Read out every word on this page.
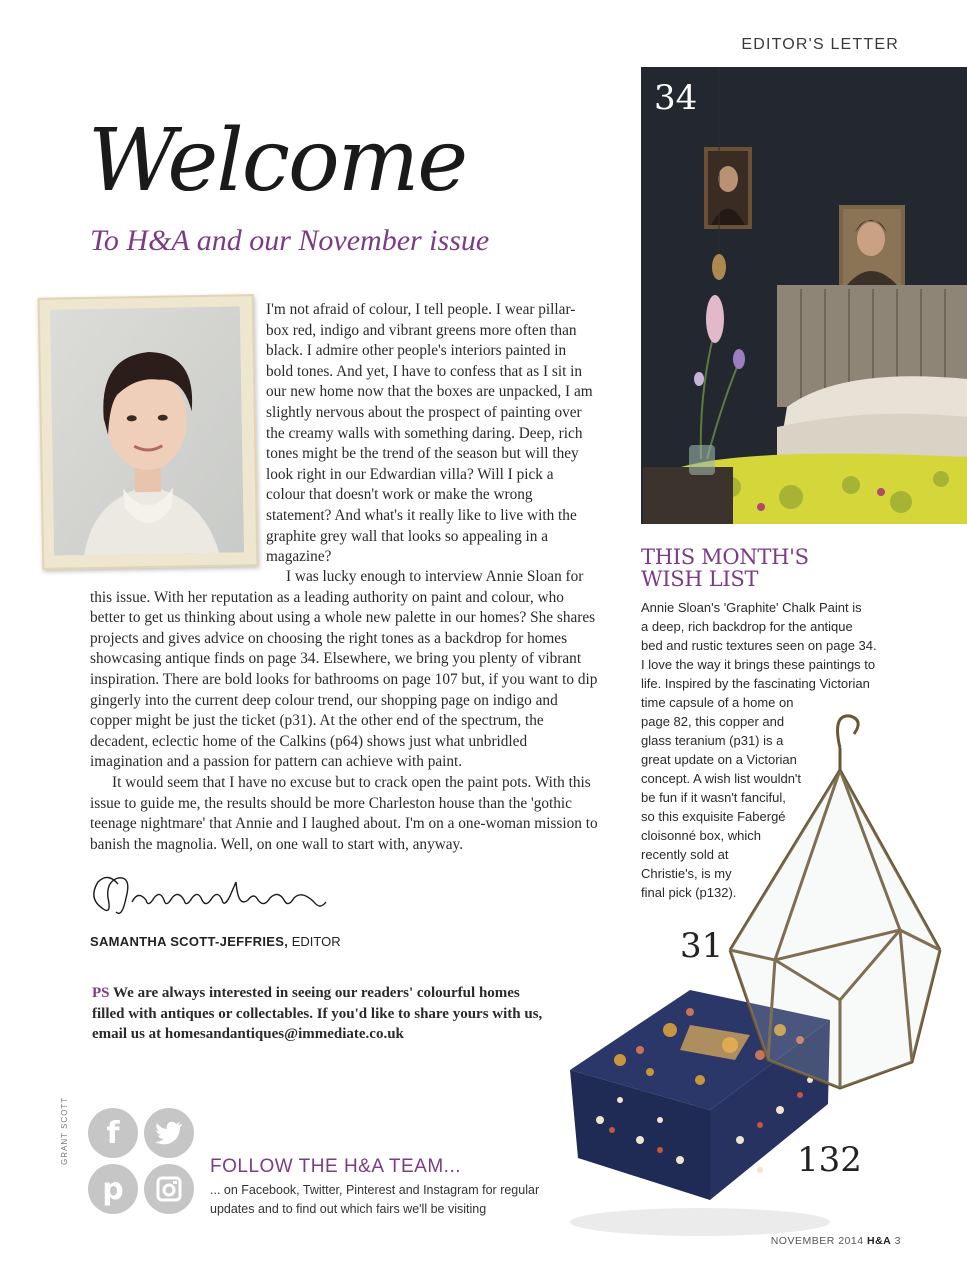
EDITOR'S LETTER
Welcome
To H&A and our November issue

I'm not afraid of colour, I tell people. I wear pillar-box red, indigo and vibrant greens more often than black. I admire other people's interiors painted in bold tones. And yet, I have to confess that as I sit in our new home now that the boxes are unpacked, I am slightly nervous about the prospect of painting over the creamy walls with something daring. Deep, rich tones might be the trend of the season but will they look right in our Edwardian villa? Will I pick a colour that doesn't work or make the wrong statement? And what's it really like to live with the graphite grey wall that looks so appealing in a magazine?

I was lucky enough to interview Annie Sloan for this issue. With her reputation as a leading authority on paint and colour, who better to get us thinking about using a whole new palette in our homes? She shares projects and gives advice on choosing the right tones as a backdrop for homes showcasing antique finds on page 34. Elsewhere, we bring you plenty of vibrant inspiration. There are bold looks for bathrooms on page 107 but, if you want to dip gingerly into the current deep colour trend, our shopping page on indigo and copper might be just the ticket (p31). At the other end of the spectrum, the decadent, eclectic home of the Calkins (p64) shows just what unbridled imagination and a passion for pattern can achieve with paint.

It would seem that I have no excuse but to crack open the paint pots. With this issue to guide me, the results should be more Charleston house than the 'gothic teenage nightmare' that Annie and I laughed about. I'm on a one-woman mission to banish the magnolia. Well, on one wall to start with, anyway.

SAMANTHA SCOTT-JEFFRIES, EDITOR
PS We are always interested in seeing our readers' colourful homes filled with antiques or collectables. If you'd like to share yours with us, email us at homesandantiques@immediate.co.uk
GRANT SCOTT	f
p
FOLLOW THE H&A TEAM...
... on Facebook, Twitter, Pinterest and Instagram for regular updates and to find out which fairs we'll be visiting
34
THIS MONTH'S
WISH LIST
Annie Sloan's 'Graphite' Chalk Paint is
a deep, rich backdrop for the antique
bed and rustic textures seen on page 34.
I love the way it brings these paintings to
life. Inspired by the fascinating Victorian
time capsule of a home on
page 82, this copper and
glass teranium (p31) is a
great update on a Victorian
concept. A wish list wouldn't
be fun if it wasn't fanciful,
so this exquisite Fabergé
cloisonné box, which
recently sold at
Christie's, is my
final pick (p132).
31
132
NOVEMBER 2014 H&A 3
